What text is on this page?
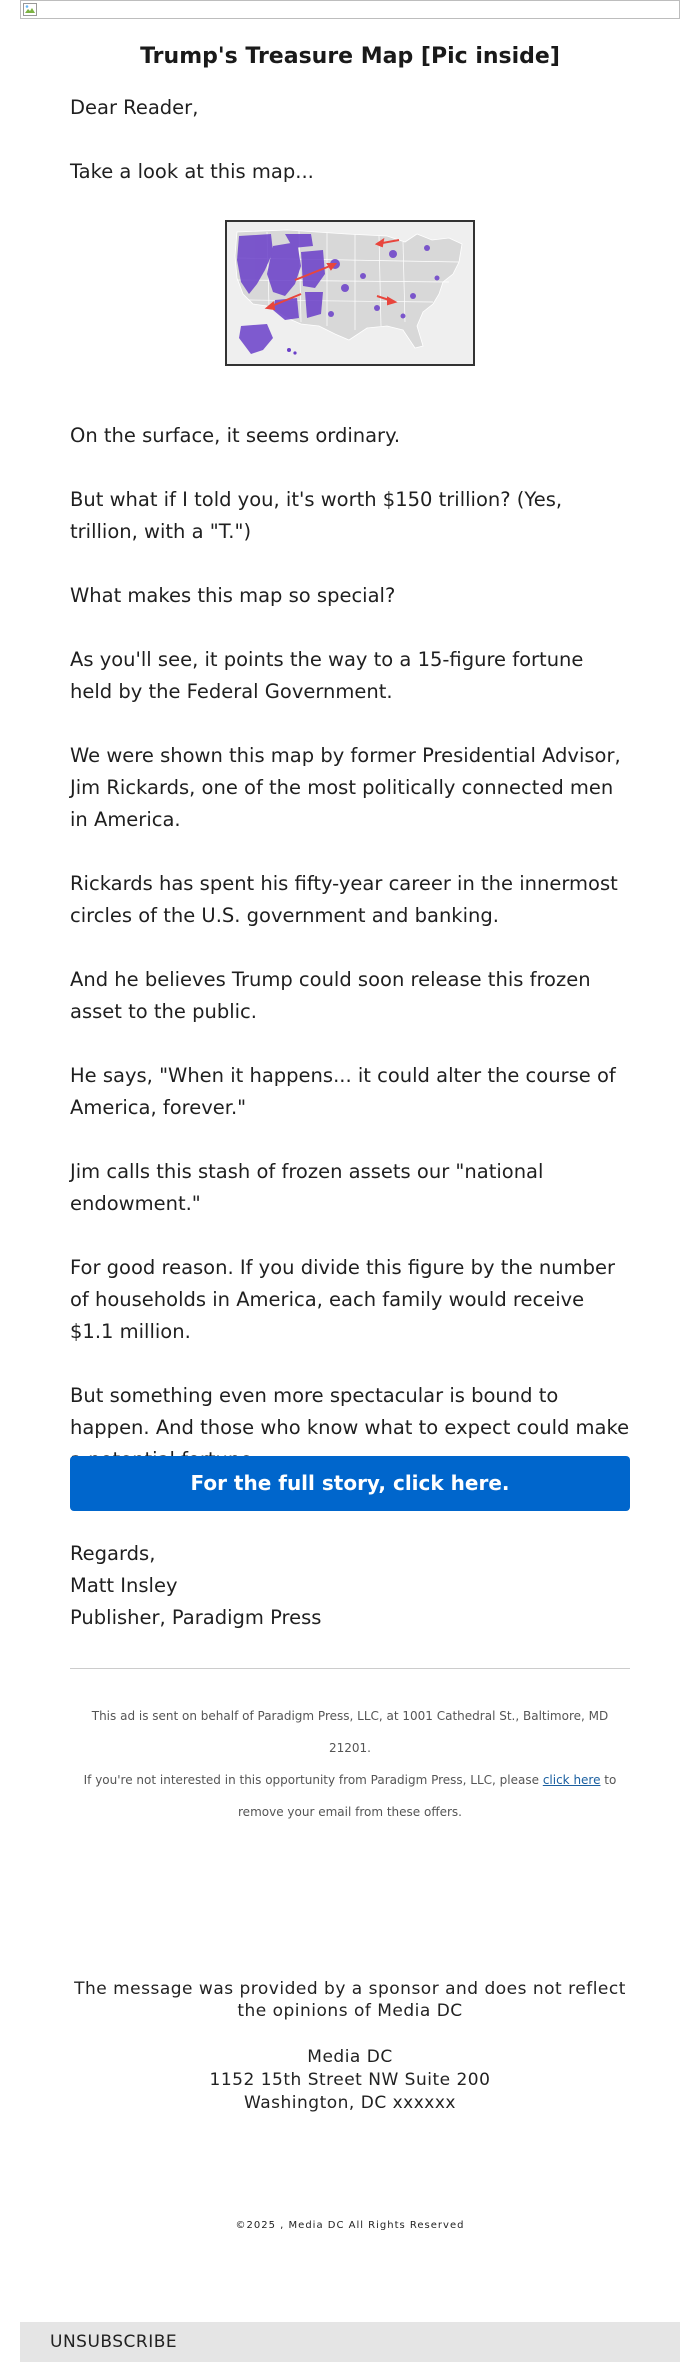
Trump's Treasure Map [Pic inside]

Dear Reader,

Take a look at this map...

On the surface, it seems ordinary.

But what if I told you, it's worth $150 trillion? (Yes, trillion, with a "T.")

What makes this map so special?

As you'll see, it points the way to a 15-figure fortune held by the Federal Government.

We were shown this map by former Presidential Advisor, Jim Rickards, one of the most politically connected men in America.

Rickards has spent his fifty-year career in the innermost circles of the U.S. government and banking.

And he believes Trump could soon release this frozen asset to the public.

He says, "When it happens... it could alter the course of America, forever."

Jim calls this stash of frozen assets our "national endowment."

For good reason. If you divide this figure by the number of households in America, each family would receive $1.1 million.

But something even more spectacular is bound to happen. And those who know what to expect could make

For the full story, click here.
Regards,
Matt Insley
Publisher, Paradigm Press
This ad is sent on behalf of Paradigm Press, LLC, at 1001 Cathedral St., Baltimore, MD 21201.
If you're not interested in this opportunity from Paradigm Press, LLC, please click here to remove your email from these offers.
The message was provided by a sponsor and does not reflect the opinions of Media DC
Media DC
1152 15th Street NW Suite 200
Washington, DC xxxxxx
©2025 , Media DC All Rights Reserved
UNSUBSCRIBE
